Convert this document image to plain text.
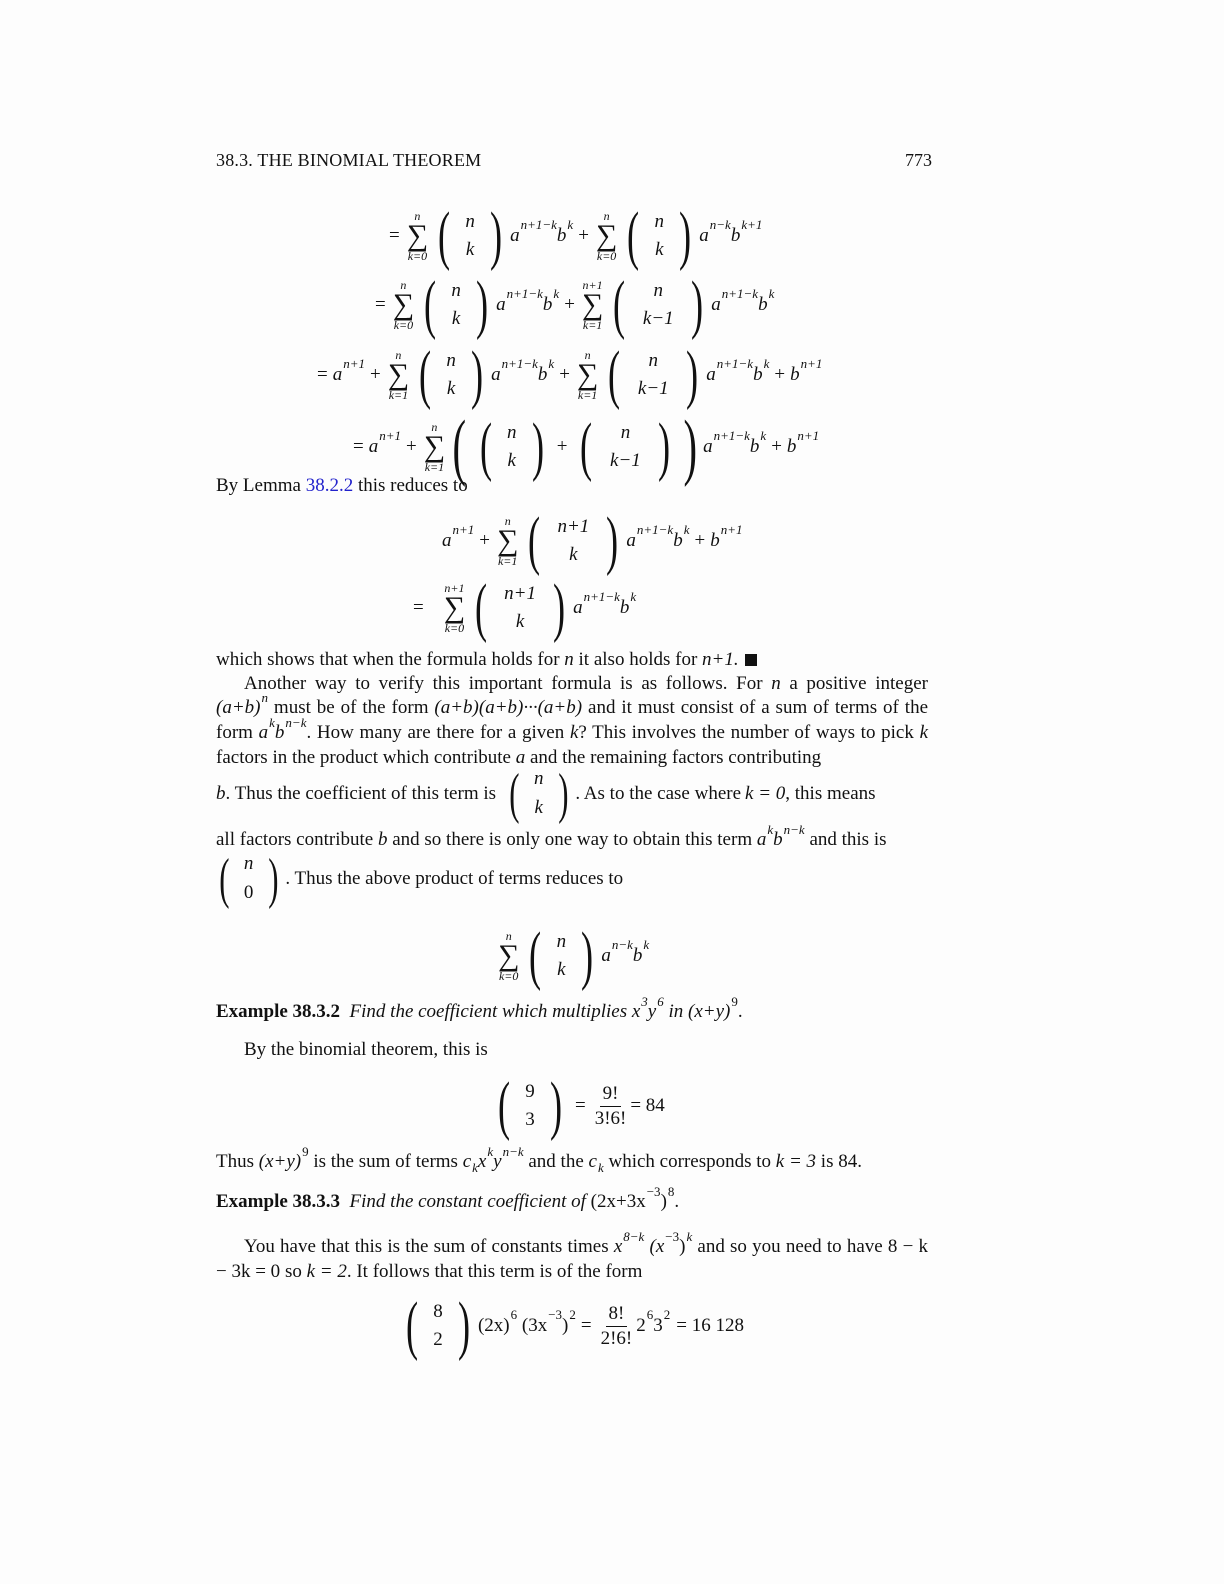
38.3. THE BINOMIAL THEOREM	773
=
n
∑
k=0 ( n
k ) a
n+1−k
b
k
+
n
∑
k=0 ( n
k ) a
n−k
b
k+1
=
n
∑
k=0 ( n
k ) a
n+1−k
b
k
+
n+1
∑
k=1 ( n
k−1 ) a
n+1−k
b
k
= a
n+1
+
n
∑
k=1 ( n
k ) a
n+1−k
b
k
+
n
∑
k=1 ( n
k−1 ) a
n+1−k
b
k
+ b
n+1
= a
n+1
+
n
∑
k=1 ( ( n
k ) + ( n
k−1 ) ) a
n+1−k
b
k
+ b
n+1
By Lemma 38.2.2 this reduces to
a
n+1
+
n
∑
k=1 ( n+1
k ) a
n+1−k
b
k
+ b
n+1
=
n+1
∑
k=0 ( n+1
k ) a
n+1−k
b
k
which shows that when the formula holds for n it also holds for n+1.
Another way to verify this important formula is as follows. For n a positive integer $(a+b)^n$ must be of the form (a+b)(a+b)···(a+b) and it must consist of a sum of terms of the form $a^kb^{n-k}$. How many are there for a given k? This involves the number of ways to pick k factors in the product which contribute a and the remaining factors contributing
b . Thus the coefficient of this term is ( n
k ) . As to the case where k = 0 , this means
all factors contribute b and so there is only one way to obtain this term $a^kb^{n-k}$ and this is
( n
0 ) . Thus the above product of terms reduces to
n
∑
k=0 ( n
k ) a
n−k
b
k
Example 38.3.2 Find the coefficient which multiplies $x^3y^6$ in $(x+y)^9$.
By the binomial theorem, this is
( 9
3 ) = $\frac{9!}{3!6!} = 84$
Thus $(x+y)^9$ is the sum of terms $c_kx^ky^{n-k}$ and the $c_k$ which corresponds to k = 3 is 84.
Example 38.3.3 Find the constant coefficient of $(2x+3x^{-3})^8$.
You have that this is the sum of constants times $x^{8-k}$ $(x^{-3})^k$ and so you need to have 8 − k − 3k = 0 so k = 2. It follows that this term is of the form
( 8
2 ) (2x)
6

(3x
−3
)
2
= $\frac{8!}{2!6!} 2$
6
3
2
= 16 128
